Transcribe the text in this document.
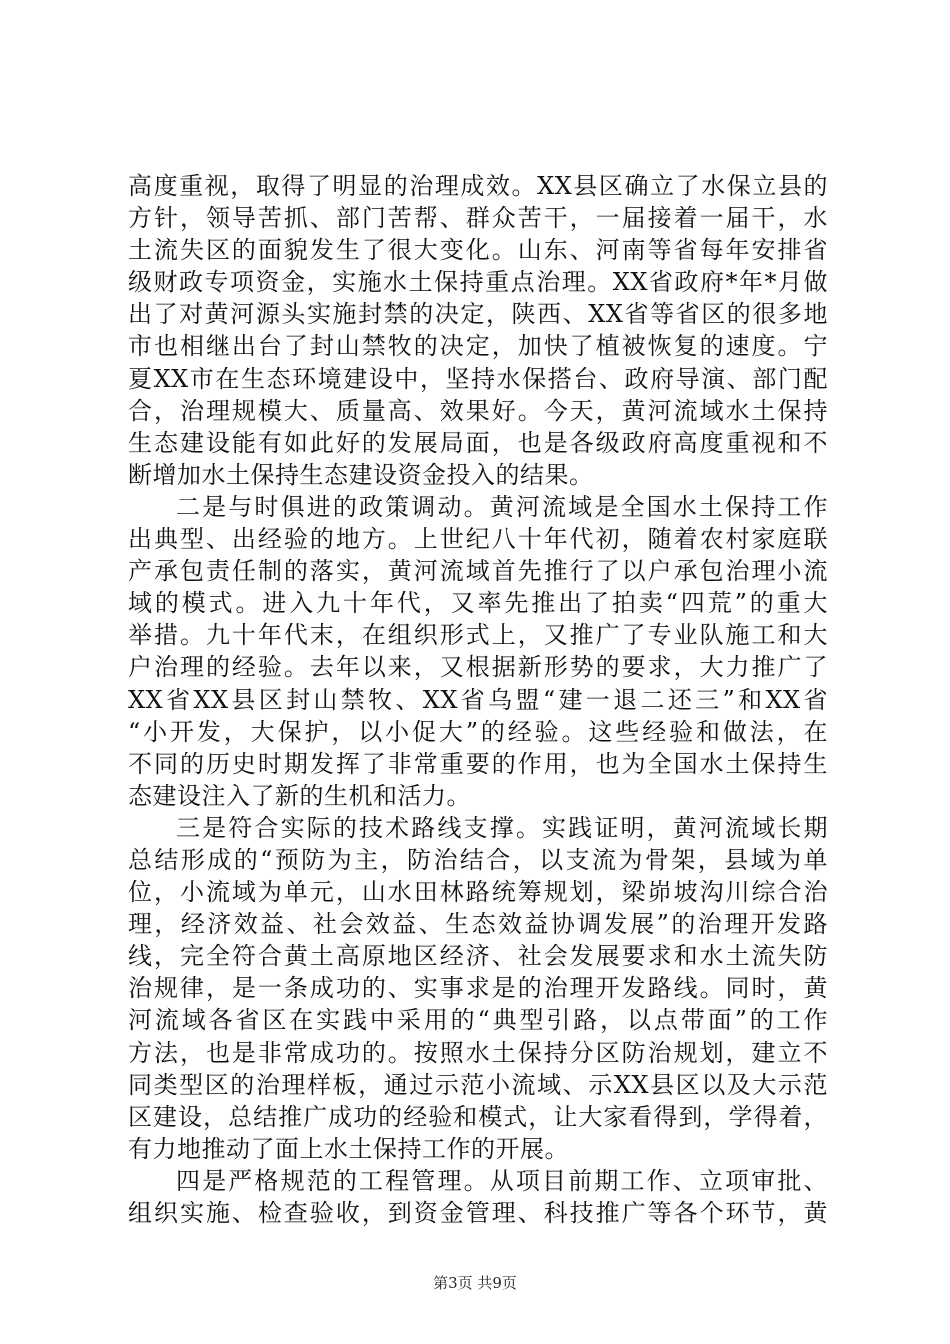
高度重视，取得了明显的治理成效。XX县区确立了水保立县的
方针，领导苦抓、部门苦帮、群众苦干，一届接着一届干，水
土流失区的面貌发生了很大变化。山东、河南等省每年安排省
级财政专项资金，实施水土保持重点治理。XX省政府*年*月做
出了对黄河源头实施封禁的决定，陕西、XX省等省区的很多地
市也相继出台了封山禁牧的决定，加快了植被恢复的速度。宁
夏XX市在生态环境建设中，坚持水保搭台、政府导演、部门配
合，治理规模大、质量高、效果好。今天，黄河流域水土保持
生态建设能有如此好的发展局面，也是各级政府高度重视和不
断增加水土保持生态建设资金投入的结果。
二是与时俱进的政策调动。黄河流域是全国水土保持工作
出典型、出经验的地方。上世纪八十年代初，随着农村家庭联
产承包责任制的落实，黄河流域首先推行了以户承包治理小流
域的模式。进入九十年代，又率先推出了拍卖“四荒”的重大
举措。九十年代末，在组织形式上，又推广了专业队施工和大
户治理的经验。去年以来，又根据新形势的要求，大力推广了
XX省XX县区封山禁牧、XX省乌盟“建一退二还三”和XX省
“小开发，大保护，以小促大”的经验。这些经验和做法，在
不同的历史时期发挥了非常重要的作用，也为全国水土保持生
态建设注入了新的生机和活力。
三是符合实际的技术路线支撑。实践证明，黄河流域长期
总结形成的“预防为主，防治结合，以支流为骨架，县域为单
位，小流域为单元，山水田林路统筹规划，梁峁坡沟川综合治
理，经济效益、社会效益、生态效益协调发展”的治理开发路
线，完全符合黄土高原地区经济、社会发展要求和水土流失防
治规律，是一条成功的、实事求是的治理开发路线。同时，黄
河流域各省区在实践中采用的“典型引路，以点带面”的工作
方法，也是非常成功的。按照水土保持分区防治规划，建立不
同类型区的治理样板，通过示范小流域、示XX县区以及大示范
区建设，总结推广成功的经验和模式，让大家看得到，学得着，
有力地推动了面上水土保持工作的开展。
四是严格规范的工程管理。从项目前期工作、立项审批、
组织实施、检查验收，到资金管理、科技推广等各个环节，黄
第3页 共9页
